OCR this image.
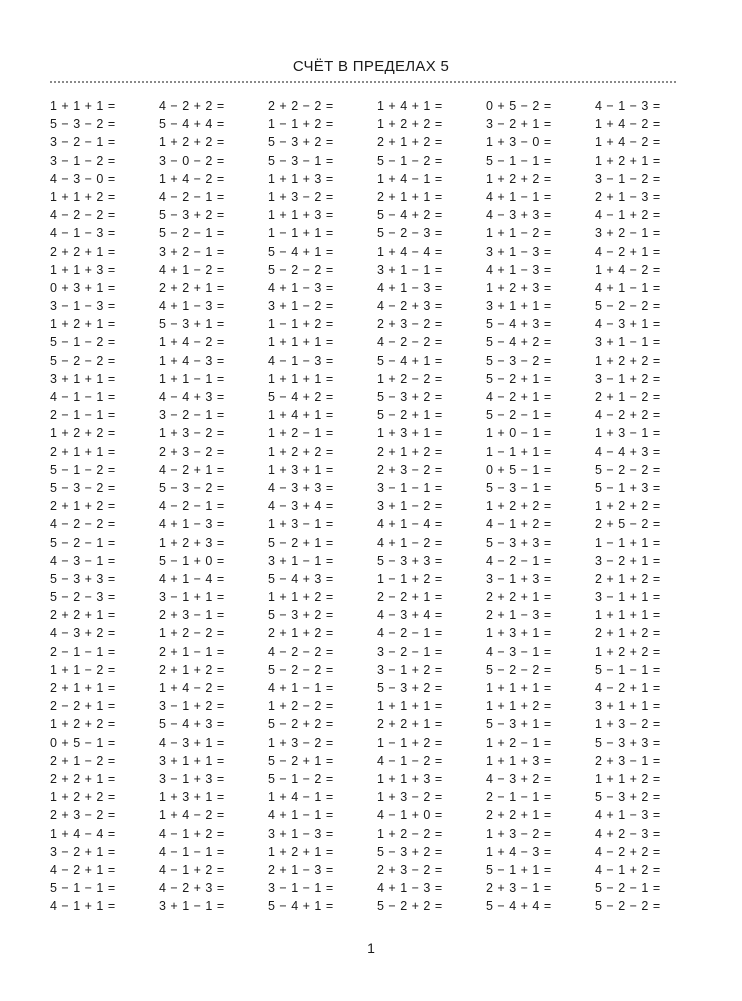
СЧЁТ В ПРЕДЕЛАХ 5
1 + 1 + 1 =	4 − 2 + 2 =	2 + 2 − 2 =	1 + 4 + 1 =	0 + 5 − 2 =	4 − 1 − 3 =
5 − 3 − 2 =	5 − 4 + 4 =	1 − 1 + 2 =	1 + 2 + 2 =	3 − 2 + 1 =	1 + 4 − 2 =
3 − 2 − 1 =	1 + 2 + 2 =	5 − 3 + 2 =	2 + 1 + 2 =	1 + 3 − 0 =	1 + 4 − 2 =
3 − 1 − 2 =	3 − 0 − 2 =	5 − 3 − 1 =	5 − 1 − 2 =	5 − 1 − 1 =	1 + 2 + 1 =
4 − 3 − 0 =	1 + 4 − 2 =	1 + 1 + 3 =	1 + 4 − 1 =	1 + 2 + 2 =	3 − 1 − 2 =
1 + 1 + 2 =	4 − 2 − 1 =	1 + 3 − 2 =	2 + 1 + 1 =	4 + 1 − 1 =	2 + 1 − 3 =
4 − 2 − 2 =	5 − 3 + 2 =	1 + 1 + 3 =	5 − 4 + 2 =	4 − 3 + 3 =	4 − 1 + 2 =
4 − 1 − 3 =	5 − 2 − 1 =	1 − 1 + 1 =	5 − 2 − 3 =	1 + 1 − 2 =	3 + 2 − 1 =
2 + 2 + 1 =	3 + 2 − 1 =	5 − 4 + 1 =	1 + 4 − 4 =	3 + 1 − 3 =	4 − 2 + 1 =
1 + 1 + 3 =	4 + 1 − 2 =	5 − 2 − 2 =	3 + 1 − 1 =	4 + 1 − 3 =	1 + 4 − 2 =
0 + 3 + 1 =	2 + 2 + 1 =	4 + 1 − 3 =	4 + 1 − 3 =	1 + 2 + 3 =	4 + 1 − 1 =
3 − 1 − 3 =	4 + 1 − 3 =	3 + 1 − 2 =	4 − 2 + 3 =	3 + 1 + 1 =	5 − 2 − 2 =
1 + 2 + 1 =	5 − 3 + 1 =	1 − 1 + 2 =	2 + 3 − 2 =	5 − 4 + 3 =	4 − 3 + 1 =
5 − 1 − 2 =	1 + 4 − 2 =	1 + 1 + 1 =	4 − 2 − 2 =	5 − 4 + 2 =	3 + 1 − 1 =
5 − 2 − 2 =	1 + 4 − 3 =	4 − 1 − 3 =	5 − 4 + 1 =	5 − 3 − 2 =	1 + 2 + 2 =
3 + 1 + 1 =	1 + 1 − 1 =	1 + 1 + 1 =	1 + 2 − 2 =	5 − 2 + 1 =	3 − 1 + 2 =
4 − 1 − 1 =	4 − 4 + 3 =	5 − 4 + 2 =	5 − 3 + 2 =	4 − 2 + 1 =	2 + 1 − 2 =
2 − 1 − 1 =	3 − 2 − 1 =	1 + 4 + 1 =	5 − 2 + 1 =	5 − 2 − 1 =	4 − 2 + 2 =
1 + 2 + 2 =	1 + 3 − 2 =	1 + 2 − 1 =	1 + 3 + 1 =	1 + 0 − 1 =	1 + 3 − 1 =
2 + 1 + 1 =	2 + 3 − 2 =	1 + 2 + 2 =	2 + 1 + 2 =	1 − 1 + 1 =	4 − 4 + 3 =
5 − 1 − 2 =	4 − 2 + 1 =	1 + 3 + 1 =	2 + 3 − 2 =	0 + 5 − 1 =	5 − 2 − 2 =
5 − 3 − 2 =	5 − 3 − 2 =	4 − 3 + 3 =	3 − 1 − 1 =	5 − 3 − 1 =	5 − 1 + 3 =
2 + 1 + 2 =	4 − 2 − 1 =	4 − 3 + 4 =	3 + 1 − 2 =	1 + 2 + 2 =	1 + 2 + 2 =
4 − 2 − 2 =	4 + 1 − 3 =	1 + 3 − 1 =	4 + 1 − 4 =	4 − 1 + 2 =	2 + 5 − 2 =
5 − 2 − 1 =	1 + 2 + 3 =	5 − 2 + 1 =	4 + 1 − 2 =	5 − 3 + 3 =	1 − 1 + 1 =
4 − 3 − 1 =	5 − 1 + 0 =	3 + 1 − 1 =	5 − 3 + 3 =	4 − 2 − 1 =	3 − 2 + 1 =
5 − 3 + 3 =	4 + 1 − 4 =	5 − 4 + 3 =	1 − 1 + 2 =	3 − 1 + 3 =	2 + 1 + 2 =
5 − 2 − 3 =	3 − 1 + 1 =	1 + 1 + 2 =	2 − 2 + 1 =	2 + 2 + 1 =	3 − 1 + 1 =
2 + 2 + 1 =	2 + 3 − 1 =	5 − 3 + 2 =	4 − 3 + 4 =	2 + 1 − 3 =	1 + 1 + 1 =
4 − 3 + 2 =	1 + 2 − 2 =	2 + 1 + 2 =	4 − 2 − 1 =	1 + 3 + 1 =	2 + 1 + 2 =
2 − 1 − 1 =	2 + 1 − 1 =	4 − 2 − 2 =	3 − 2 − 1 =	4 − 3 − 1 =	1 + 2 + 2 =
1 + 1 − 2 =	2 + 1 + 2 =	5 − 2 − 2 =	3 − 1 + 2 =	5 − 2 − 2 =	5 − 1 − 1 =
2 + 1 + 1 =	1 + 4 − 2 =	4 + 1 − 1 =	5 − 3 + 2 =	1 + 1 + 1 =	4 − 2 + 1 =
2 − 2 + 1 =	3 − 1 + 2 =	1 + 2 − 2 =	1 + 1 + 1 =	1 + 1 + 2 =	3 + 1 + 1 =
1 + 2 + 2 =	5 − 4 + 3 =	5 − 2 + 2 =	2 + 2 + 1 =	5 − 3 + 1 =	1 + 3 − 2 =
0 + 5 − 1 =	4 − 3 + 1 =	1 + 3 − 2 =	1 − 1 + 2 =	1 + 2 − 1 =	5 − 3 + 3 =
2 + 1 − 2 =	3 + 1 + 1 =	5 − 2 + 1 =	4 − 1 − 2 =	1 + 1 + 3 =	2 + 3 − 1 =
2 + 2 + 1 =	3 − 1 + 3 =	5 − 1 − 2 =	1 + 1 + 3 =	4 − 3 + 2 =	1 + 1 + 2 =
1 + 2 + 2 =	1 + 3 + 1 =	1 + 4 − 1 =	1 + 3 − 2 =	2 − 1 − 1 =	5 − 3 + 2 =
2 + 3 − 2 =	1 + 4 − 2 =	4 + 1 − 1 =	4 − 1 + 0 =	2 + 2 + 1 =	4 + 1 − 3 =
1 + 4 − 4 =	4 − 1 + 2 =	3 + 1 − 3 =	1 + 2 − 2 =	1 + 3 − 2 =	4 + 2 − 3 =
3 − 2 + 1 =	4 − 1 − 1 =	1 + 2 + 1 =	5 − 3 + 2 =	1 + 4 − 3 =	4 − 2 + 2 =
4 − 2 + 1 =	4 − 1 + 2 =	2 + 1 − 3 =	2 + 3 − 2 =	5 − 1 + 1 =	4 − 1 + 2 =
5 − 1 − 1 =	4 − 2 + 3 =	3 − 1 − 1 =	4 + 1 − 3 =	2 + 3 − 1 =	5 − 2 − 1 =
4 − 1 + 1 =	3 + 1 − 1 =	5 − 4 + 1 =	5 − 2 + 2 =	5 − 4 + 4 =	5 − 2 − 2 =
1
